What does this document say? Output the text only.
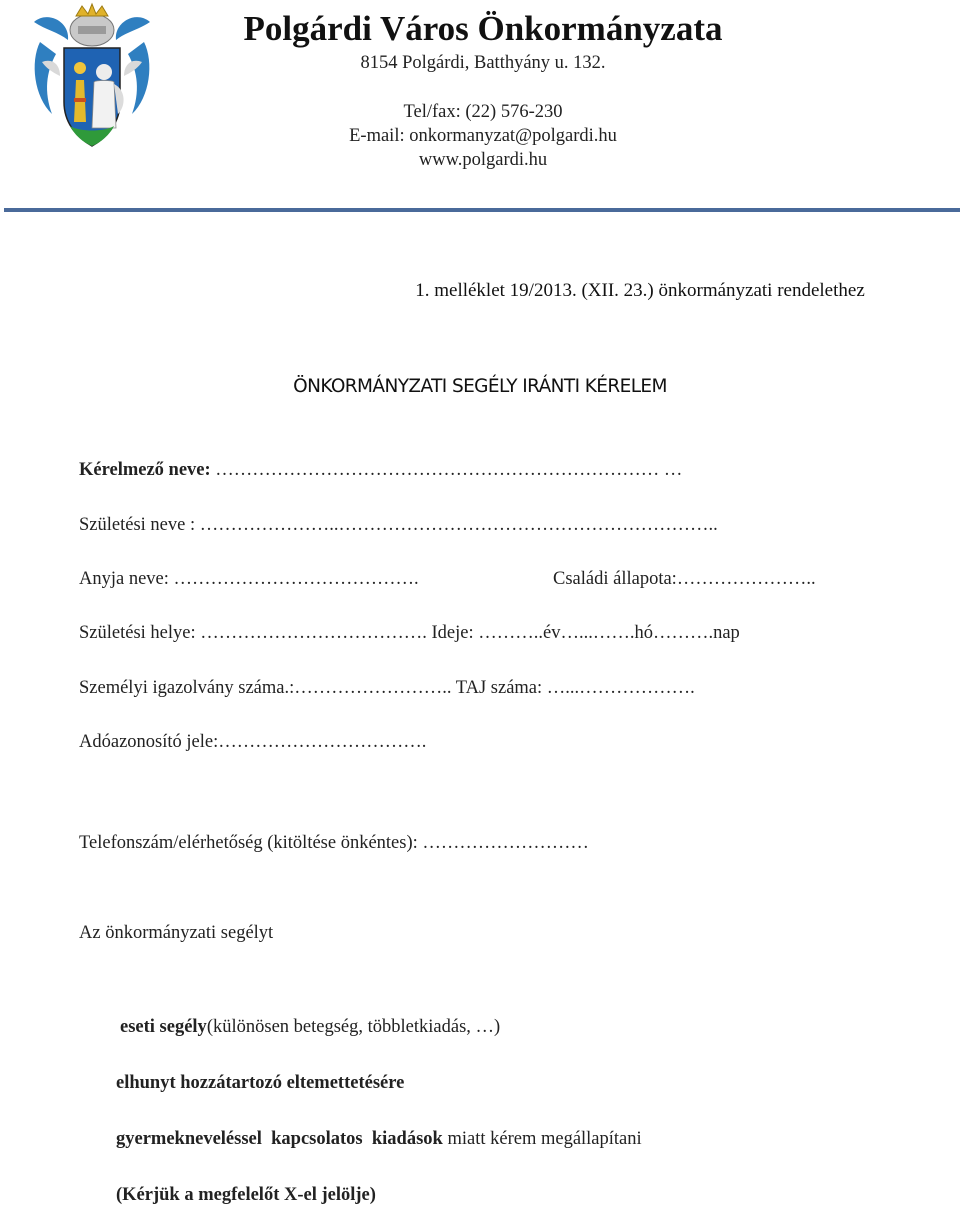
Polgárdi Város Önkormányzata
8154 Polgárdi, Batthyány u. 132.
Tel/fax: (22) 576-230
E-mail: onkormanyzat@polgardi.hu
www.polgardi.hu
1. melléklet 19/2013. (XII. 23.) önkormányzati rendelethez
ÖNKORMÁNYZATI SEGÉLY IRÁNTI KÉRELEM
Kérelmező neve: ……………………………………………………………… …
Születési neve : …………………..……………………………………………………..
Anyja neve: ………………………………….	Családi állapota:…………………..
Születési helye: ………………………………. Ideje: ………..év…...…….hó……….nap
Személyi igazolvány száma.:…………………….. TAJ száma: …...……………….
Adóazonosító jele:…………………………….
Telefonszám/elérhetőség (kitöltése önkéntes): ………………………
Az önkormányzati segélyt
eseti segély(különösen betegség, többletkiadás, …)
elhunyt hozzátartozó eltemettetésére
gyermekneveléssel  kapcsolatos  kiadások miatt kérem megállapítani
(Kérjük a megfelelőt X-el jelölje)
